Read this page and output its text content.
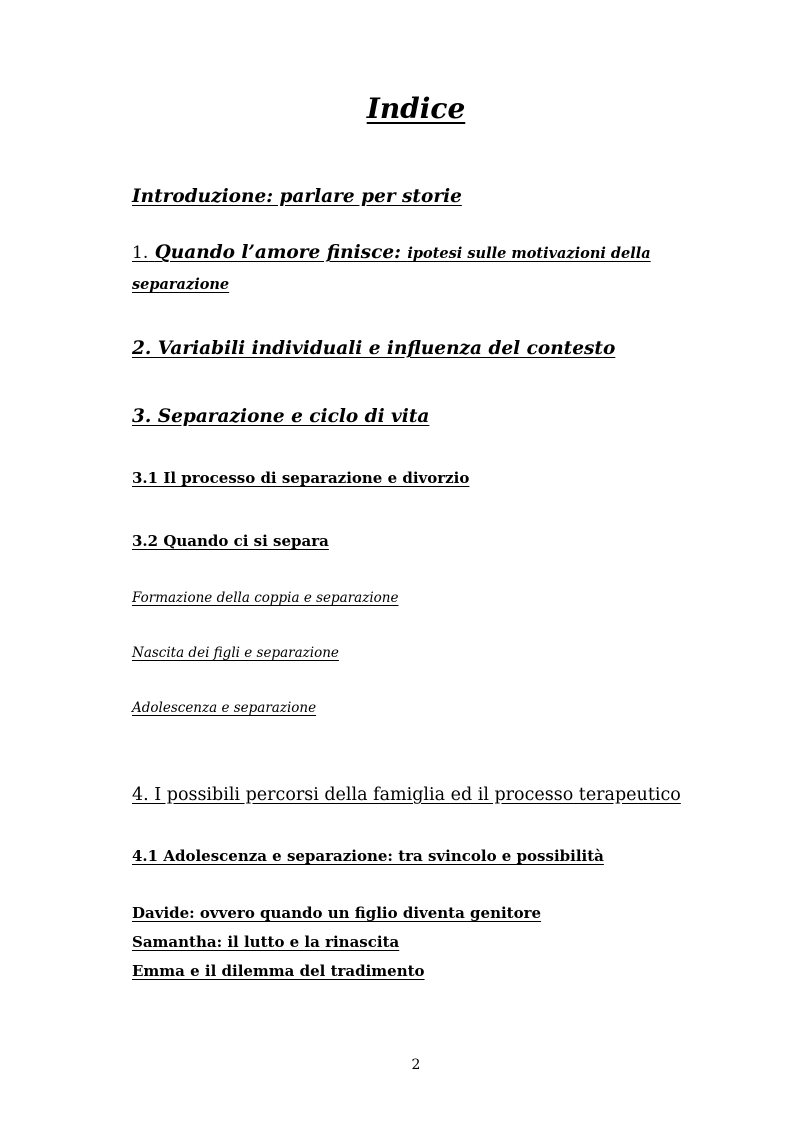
Indice

Introduzione: parlare per storie

1. Quando l’amore finisce: ipotesi sulle motivazioni della

separazione

2. Variabili individuali e influenza del contesto

3. Separazione e ciclo di vita

3.1 Il processo di separazione e divorzio

3.2 Quando ci si separa

Formazione della coppia e separazione

Nascita dei figli e separazione

Adolescenza e separazione

4. I possibili percorsi della famiglia ed il processo terapeutico

4.1 Adolescenza e separazione: tra svincolo e possibilità

Davide: ovvero quando un figlio diventa genitore

Samantha: il lutto e la rinascita

Emma e il dilemma del tradimento

2
